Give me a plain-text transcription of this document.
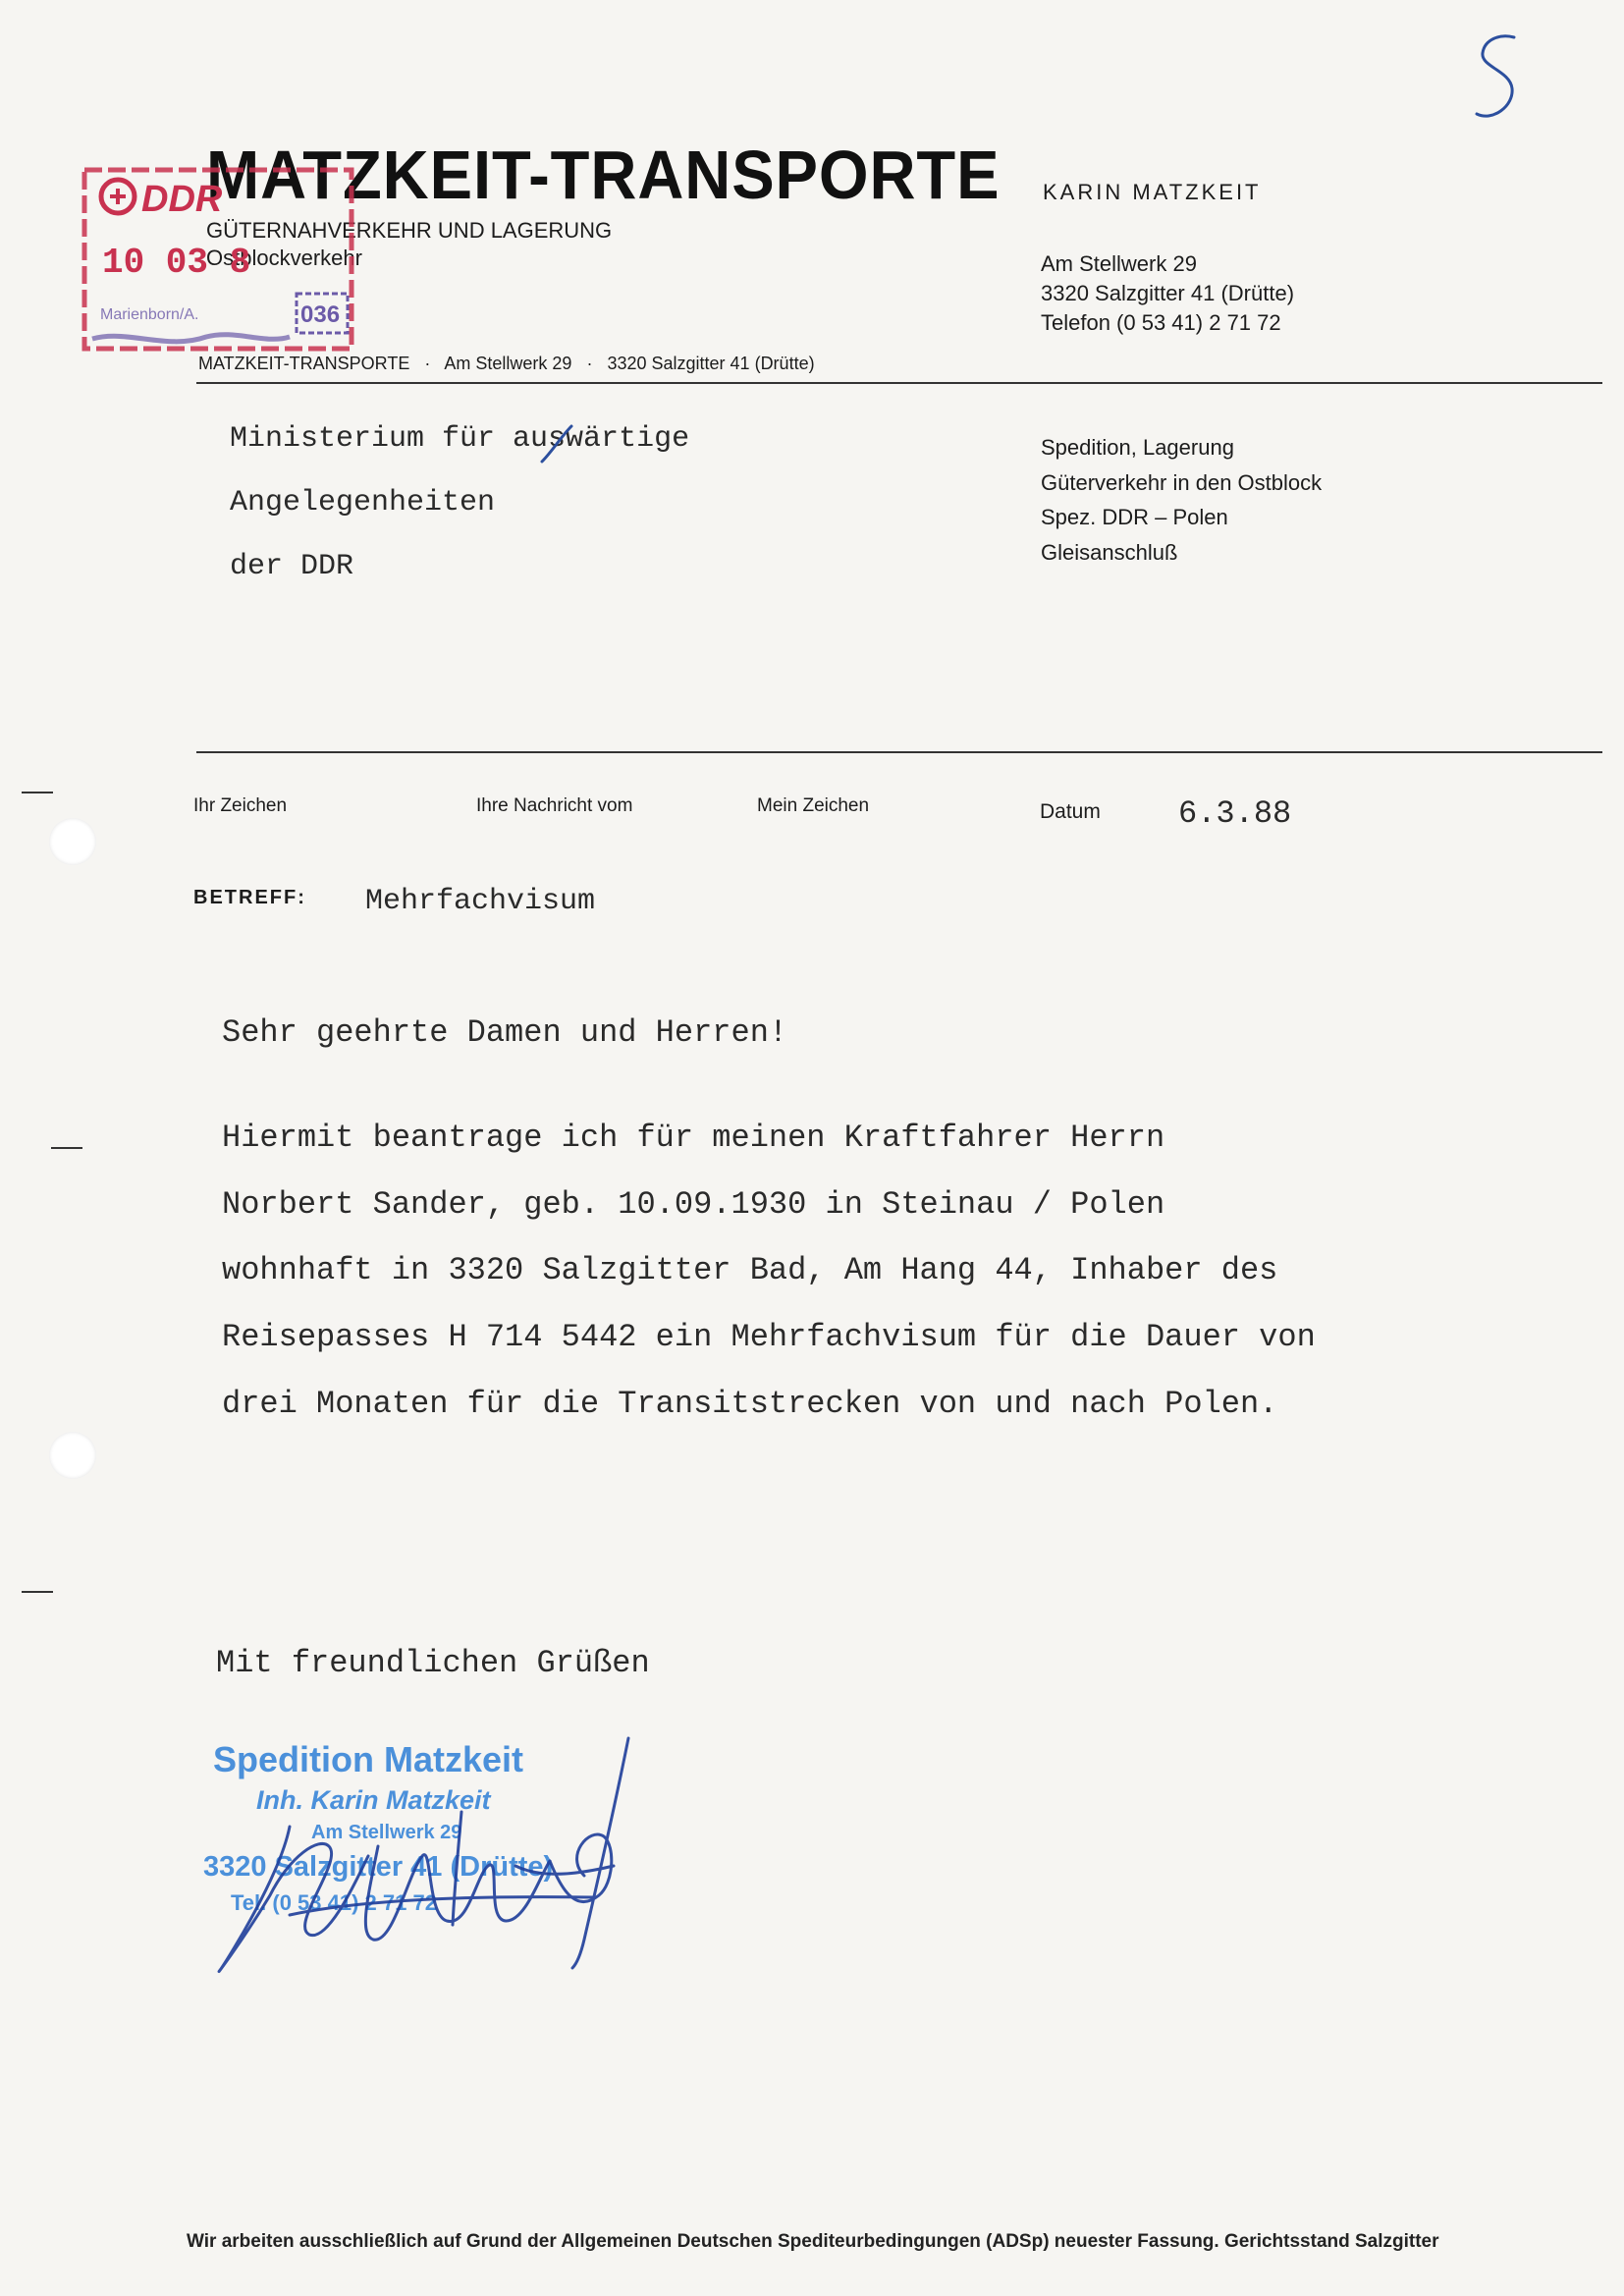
MATZKEIT-TRANSPORTE KARIN MATZKEIT
GÜTERNAHVERKEHR UND LAGERUNG
Ostblockverkehr	Am Stellwerk 29
3320 Salzgitter 41 (Drütte)
Telefon (0 53 41) 2 71 72
DDR
10 03 8
Marienborn/A.	036
MATZKEIT-TRANSPORTE · Am Stellwerk 29 · 3320 Salzgitter 41 (Drütte)
Ministerium für auswärtige
Angelegenheiten
der DDR
Spedition, Lagerung
Güterverkehr in den Ostblock
Spez. DDR – Polen
Gleisanschluß
Ihr Zeichen	Ihre Nachricht vom	Mein Zeichen	Datum 6.3.88
BETREFF: Mehrfachvisum
Sehr geehrte Damen und Herren!
Hiermit beantrage ich für meinen Kraftfahrer Herrn
Norbert Sander, geb. 10.09.1930 in Steinau / Polen
wohnhaft in 3320 Salzgitter Bad, Am Hang 44, Inhaber des
Reisepasses H 714 5442 ein Mehrfachvisum für die Dauer von
drei Monaten für die Transitstrecken von und nach Polen.
Mit freundlichen Grüßen
Spedition Matzkeit
Inh. Karin Matzkeit
Am Stellwerk 29
3320 Salzgitter 41 (Drütte)
Tel. (0 53 41) 2 71 72
Wir arbeiten ausschließlich auf Grund der Allgemeinen Deutschen Spediteurbedingungen (ADSp) neuester Fassung. Gerichtsstand Salzgitter
